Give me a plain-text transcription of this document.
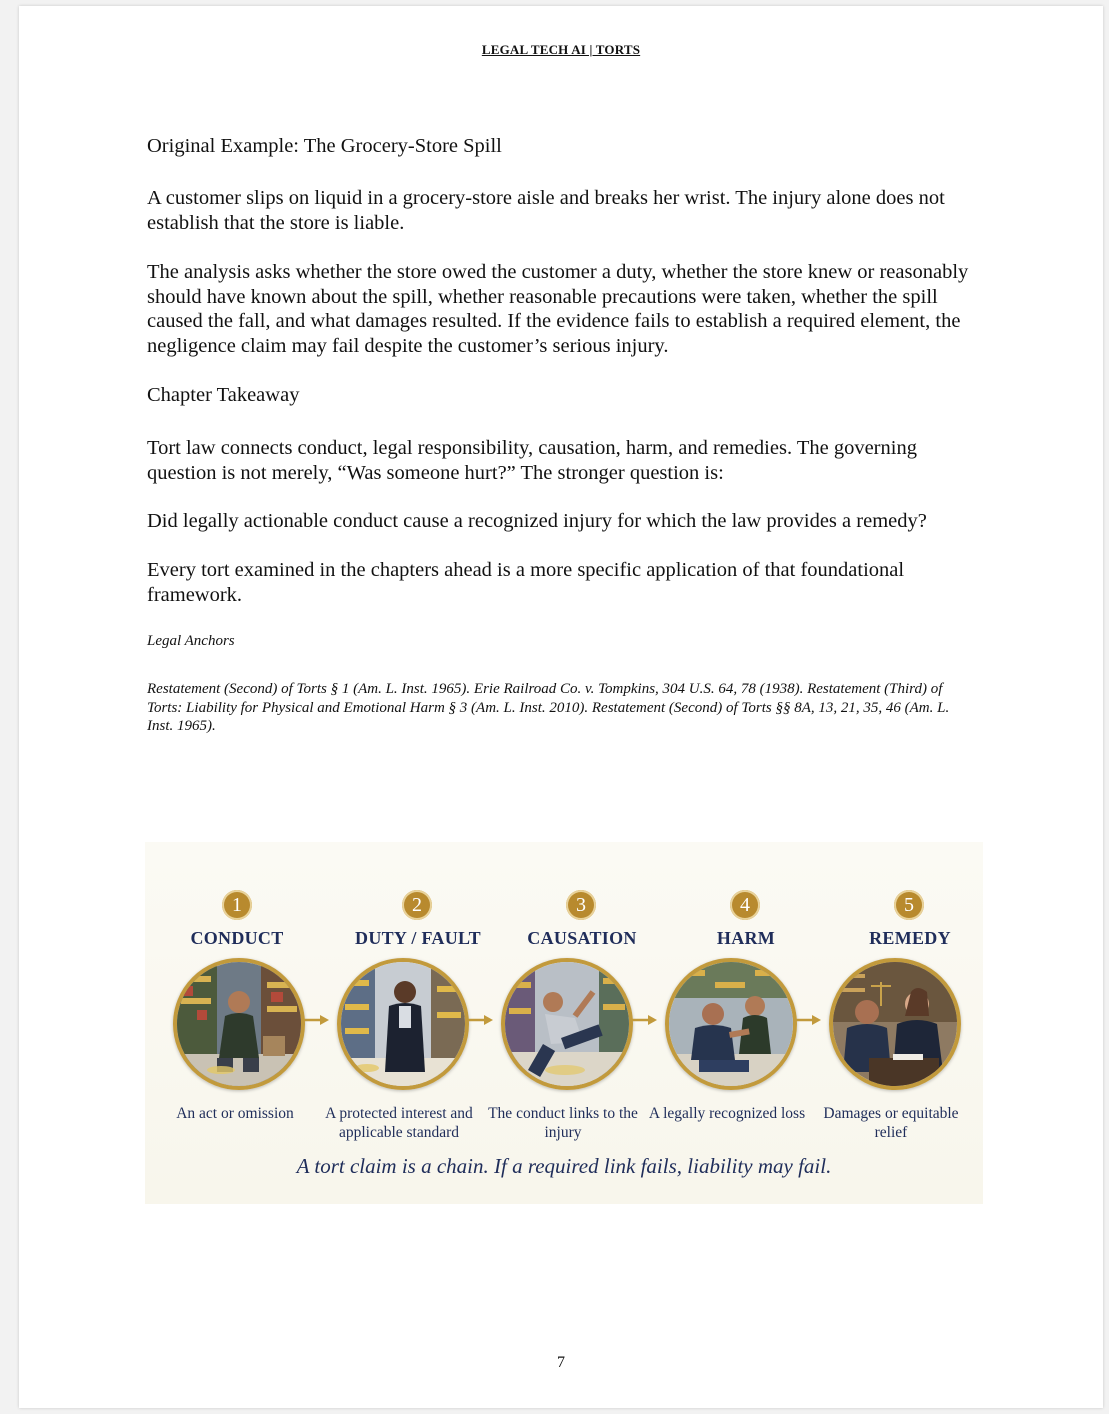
LEGAL TECH AI | TORTS
Original Example: The Grocery-Store Spill

A customer slips on liquid in a grocery-store aisle and breaks her wrist. The injury alone does not establish that the store is liable.

The analysis asks whether the store owed the customer a duty, whether the store knew or reasonably should have known about the spill, whether reasonable precautions were taken, whether the spill caused the fall, and what damages resulted. If the evidence fails to establish a required element, the negligence claim may fail despite the customer’s serious injury.

Chapter Takeaway

Tort law connects conduct, legal responsibility, causation, harm, and remedies. The governing question is not merely, “Was someone hurt?” The stronger question is:

Did legally actionable conduct cause a recognized injury for which the law provides a remedy?

Every tort examined in the chapters ahead is a more specific application of that foundational framework.

Legal Anchors
Restatement (Second) of Torts § 1 (Am. L. Inst. 1965). Erie Railroad Co. v. Tompkins, 304 U.S. 64, 78 (1938). Restatement (Third) of Torts: Liability for Physical and Emotional Harm § 3 (Am. L. Inst. 2010). Restatement (Second) of Torts §§ 8A, 13, 21, 35, 46 (Am. L. Inst. 1965).
1
CONDUCT
An act or omission
2
DUTY / FAULT
A protected interest and applicable standard
3
CAUSATION
The conduct links to the injury
4
HARM
A legally recognized loss
5
REMEDY
Damages or equitable relief
A tort claim is a chain. If a required link fails, liability may fail.
7
